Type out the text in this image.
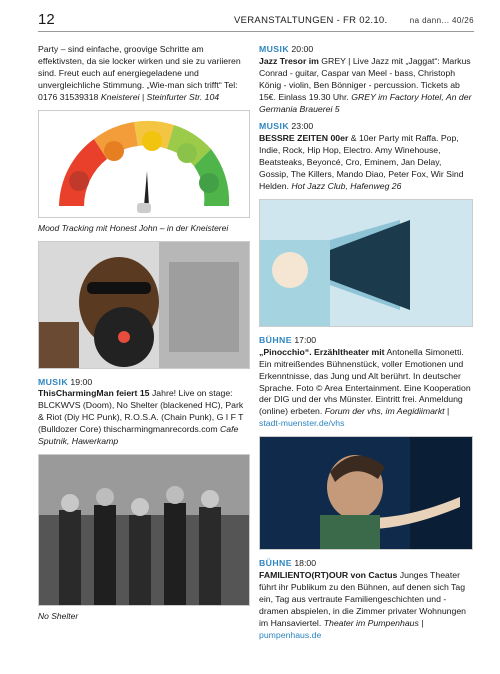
12	VERANSTALTUNGEN - FR 02.10.	na dann... 40/26

Party – sind einfache, groovige Schritte am effektivsten, da sie locker wirken und sie zu variieren sind. Freut euch auf energiegeladene und unvergleichliche Stimmung. „Wie-man sich trifft“ Tel: 0176 31539318 Kneisterei | Steinfurter Str. 104

Mood Tracking mit Honest John – in der Kneisterei

MUSIK 19:00

ThisCharmingMan feiert 15 Jahre! Live on stage: BLCKWVS (Doom), No Shelter (blackened HC), Park & Riot (Diy HC Punk), R.O.S.A. (Chain Punk), G I F T (Bulldozer Core) thischarmingmanrecords.com Cafe Sputnik, Hawerkamp

No Shelter

MUSIK 20:00

Jazz Tresor im GREY | Live Jazz mit „Jaggat“: Markus Conrad - guitar, Caspar van Meel - bass, Christoph König - violin, Ben Bönniger - percussion. Tickets ab 15€. Einlass 19.30 Uhr. GREY im Factory Hotel, An der Germania Brauerei 5

MUSIK 23:00

BESSRE ZEITEN 00er & 10er Party mit Raffa. Pop, Indie, Rock, Hip Hop, Electro. Amy Winehouse, Beatsteaks, Beyoncé, Cro, Eminem, Jan Delay, Gossip, The Killers, Mando Diao, Peter Fox, Wir Sind Helden. Hot Jazz Club, Hafenweg 26

BÜHNE 17:00

„Pinocchio“. Erzähltheater mit Antonella Simonetti. Ein mitreißendes Bühnenstück, voller Emotionen und Erkenntnisse, das Jung und Alt berührt. In deutscher Sprache. Foto © Area Entertainment. Eine Kooperation der DIG und der vhs Münster. Eintritt frei. Anmeldung (online) erbeten. Forum der vhs, im Aegidiimarkt | stadt-muenster.de/vhs

BÜHNE 18:00

FAMILIENTO(RT)OUR von Cactus Junges Theater führt ihr Publikum zu den Bühnen, auf denen sich Tag ein, Tag aus vertraute Familiengeschichten und -dramen abspielen, in die Zimmer privater Wohnungen im Hansaviertel. Theater im Pumpenhaus | pumpenhaus.de
